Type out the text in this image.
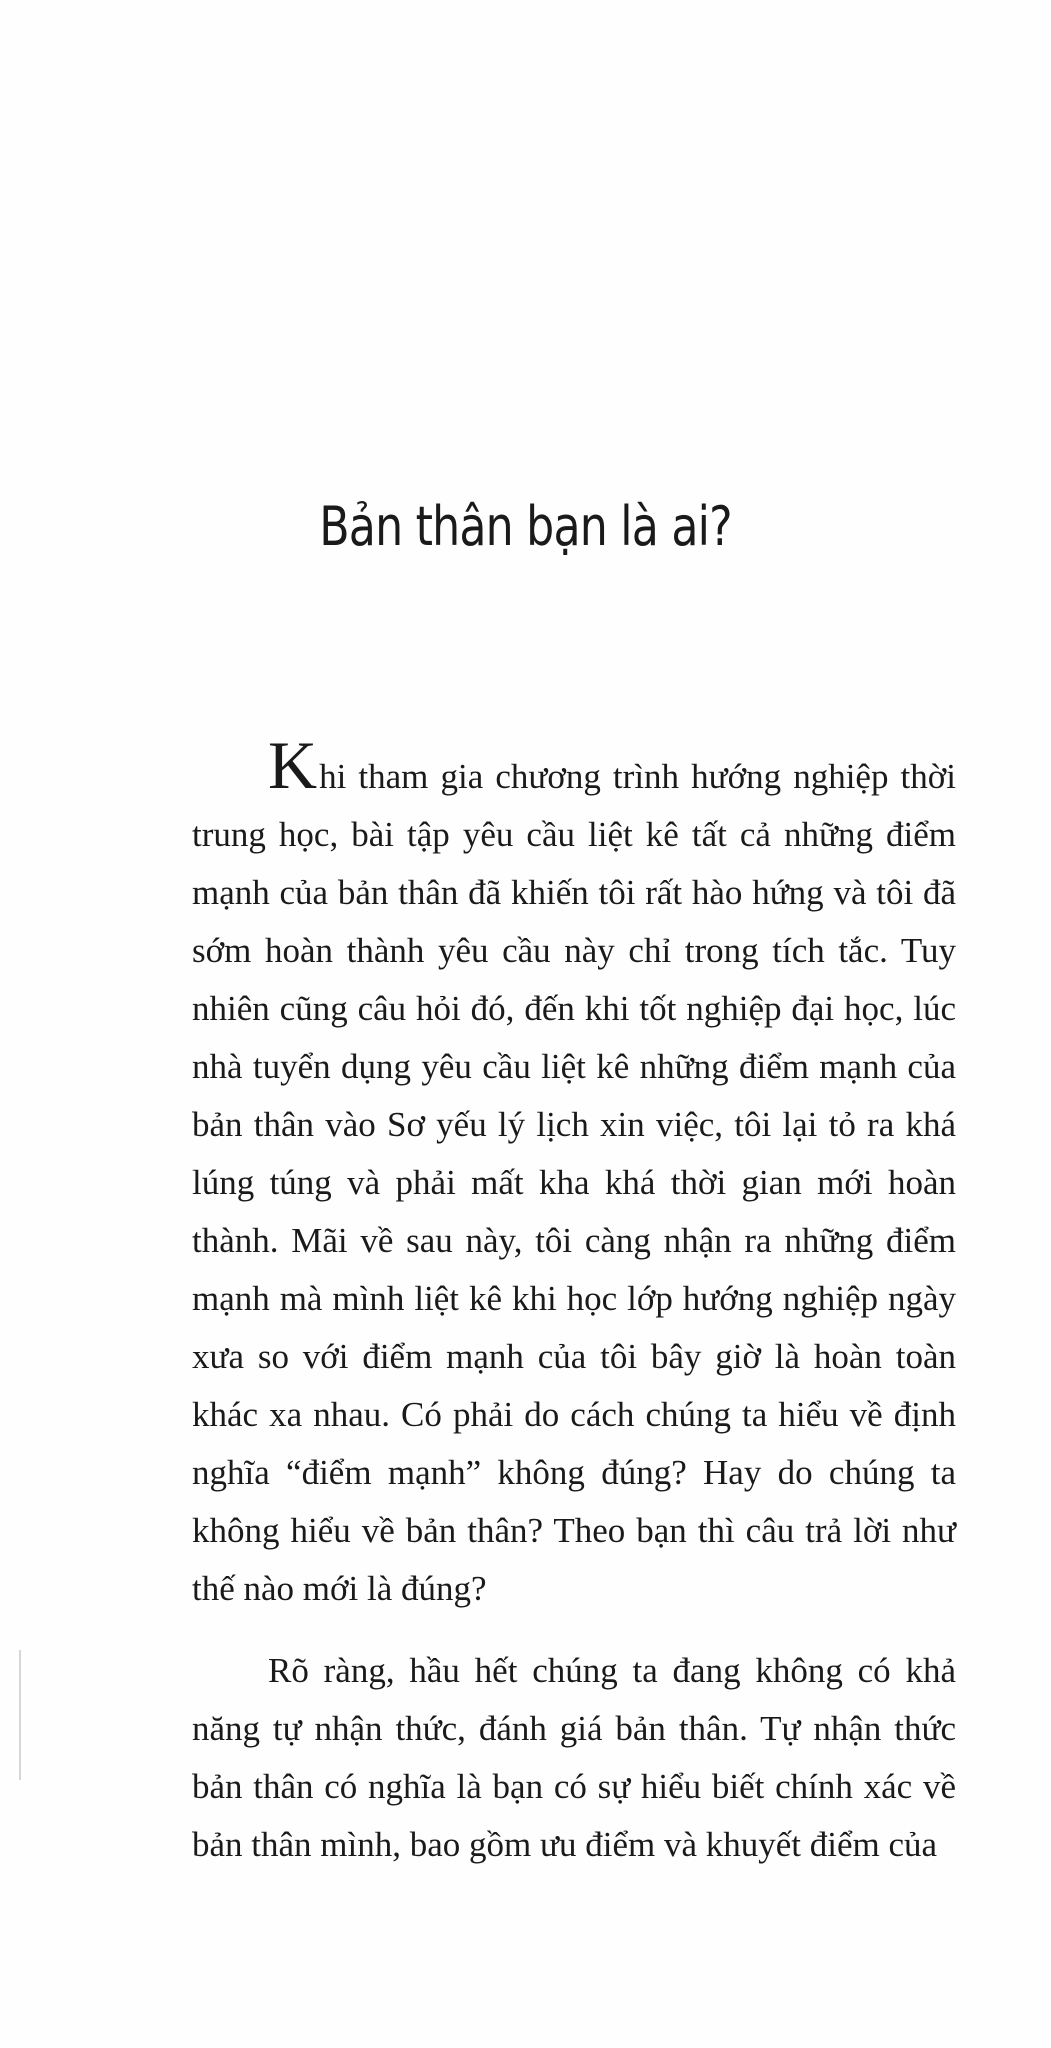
Bản thân bạn là ai?

Khi tham gia chương trình hướng nghiệp thời trung học, bài tập yêu cầu liệt kê tất cả những điểm mạnh của bản thân đã khiến tôi rất hào hứng và tôi đã sớm hoàn thành yêu cầu này chỉ trong tích tắc. Tuy nhiên cũng câu hỏi đó, đến khi tốt nghiệp đại học, lúc nhà tuyển dụng yêu cầu liệt kê những điểm mạnh của bản thân vào Sơ yếu lý lịch xin việc, tôi lại tỏ ra khá lúng túng và phải mất kha khá thời gian mới hoàn thành. Mãi về sau này, tôi càng nhận ra những điểm mạnh mà mình liệt kê khi học lớp hướng nghiệp ngày xưa so với điểm mạnh của tôi bây giờ là hoàn toàn khác xa nhau. Có phải do cách chúng ta hiểu về định nghĩa “điểm mạnh” không đúng? Hay do chúng ta không hiểu về bản thân? Theo bạn thì câu trả lời như thế nào mới là đúng?

Rõ ràng, hầu hết chúng ta đang không có khả năng tự nhận thức, đánh giá bản thân. Tự nhận thức bản thân có nghĩa là bạn có sự hiểu biết chính xác về bản thân mình, bao gồm ưu điểm và khuyết điểm của
